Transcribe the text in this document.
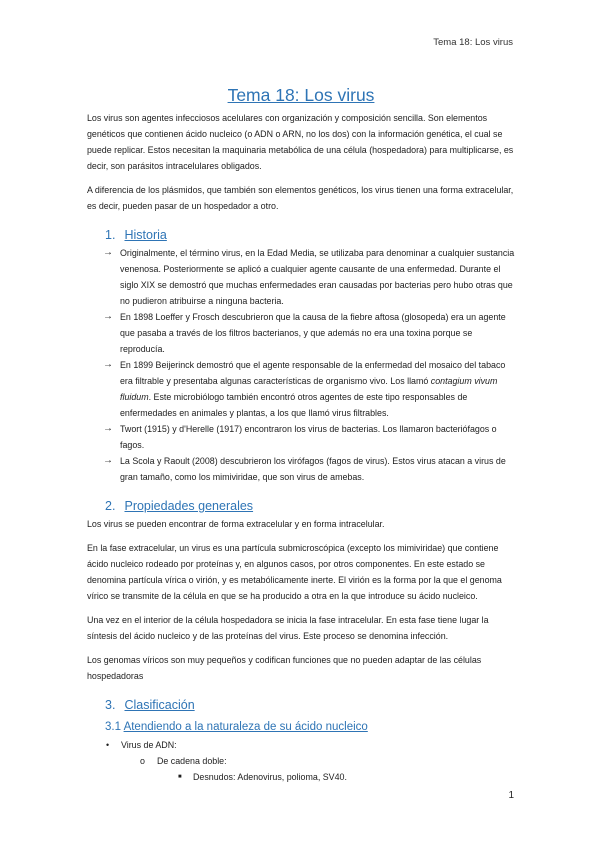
Tema 18: Los virus
Tema 18: Los virus

Los virus son agentes infecciosos acelulares con organización y composición sencilla. Son elementos genéticos que contienen ácido nucleico (o ADN o ARN, no los dos) con la información genética, el cual se puede replicar. Estos necesitan la maquinaria metabólica de una célula (hospedadora) para multiplicarse, es decir, son parásitos intracelulares obligados.

A diferencia de los plásmidos, que también son elementos genéticos, los virus tienen una forma extracelular, es decir, pueden pasar de un hospedador a otro.

1. Historia
→ Originalmente, el término virus, en la Edad Media, se utilizaba para denominar a cualquier sustancia venenosa. Posteriormente se aplicó a cualquier agente causante de una enfermedad. Durante el siglo XIX se demostró que muchas enfermedades eran causadas por bacterias pero hubo otras que no pudieron atribuirse a ninguna bacteria.
→ En 1898 Loeffer y Frosch descubrieron que la causa de la fiebre aftosa (glosopeda) era un agente que pasaba a través de los filtros bacterianos, y que además no era una toxina porque se reproducía.
→ En 1899 Beijerinck demostró que el agente responsable de la enfermedad del mosaico del tabaco era filtrable y presentaba algunas características de organismo vivo. Los llamó contagium vivum fluidum. Este microbiólogo también encontró otros agentes de este tipo responsables de enfermedades en animales y plantas, a los que llamó virus filtrables.
→ Twort (1915) y d'Herelle (1917) encontraron los virus de bacterias. Los llamaron bacteriófagos o fagos.
→ La Scola y Raoult (2008) descubrieron los virófagos (fagos de virus). Estos virus atacan a virus de gran tamaño, como los mimiviridae, que son virus de amebas.
2. Propiedades generales

Los virus se pueden encontrar de forma extracelular y en forma intracelular.

En la fase extracelular, un virus es una partícula submicroscópica (excepto los mimiviridae) que contiene ácido nucleico rodeado por proteínas y, en algunos casos, por otros componentes. En este estado se denomina partícula vírica o virión, y es metabólicamente inerte. El virión es la forma por la que el genoma vírico se transmite de la célula en que se ha producido a otra en la que introduce su ácido nucleico.

Una vez en el interior de la célula hospedadora se inicia la fase intracelular. En esta fase tiene lugar la síntesis del ácido nucleico y de las proteínas del virus. Este proceso se denomina infección.

Los genomas víricos son muy pequeños y codifican funciones que no pueden adaptar de las células hospedadoras

3. Clasificación
3.1 Atendiendo a la naturaleza de su ácido nucleico
• Virus de ADN:
o De cadena doble:
■ Desnudos: Adenovirus, polioma, SV40.
1
